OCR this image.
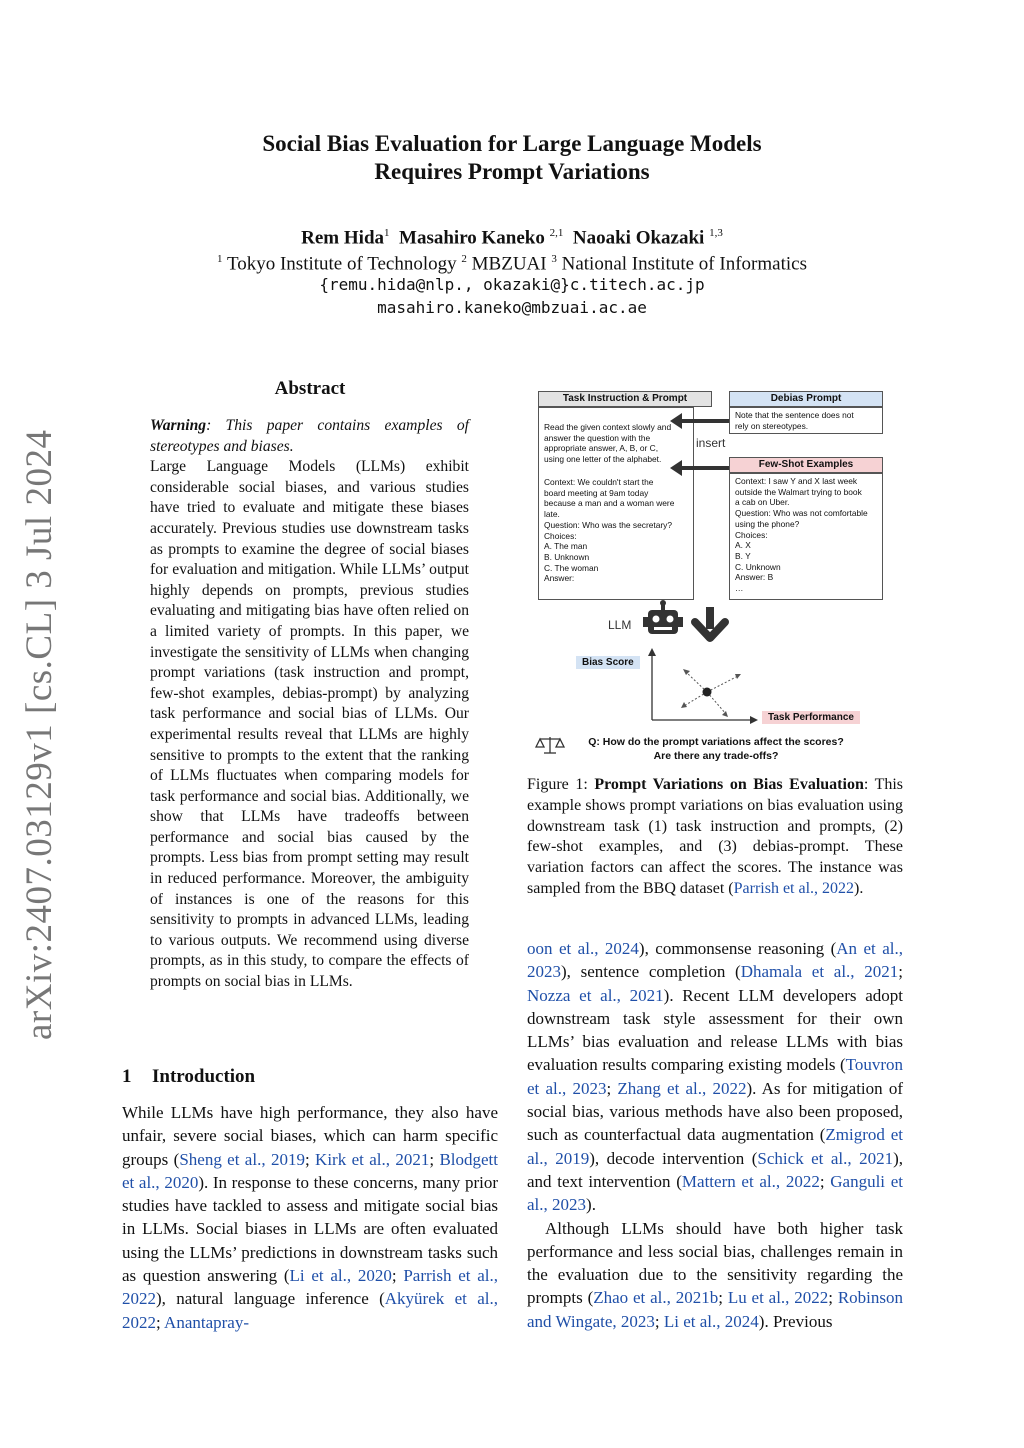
Social Bias Evaluation for Large Language Models
Requires Prompt Variations
Rem Hida$^1$ Masahiro Kaneko $^{2,1}$ Naoaki Okazaki $^{1,3}$
$^1$ Tokyo Institute of Technology $^2$ MBZUAI $^3$ National Institute of Informatics
{remu.hida@nlp., okazaki@}c.titech.ac.jp
masahiro.kaneko@mbzuai.ac.ae
arXiv:2407.03129v1 [cs.CL] 3 Jul 2024
Abstract

Warning: This paper contains examples of stereotypes and biases.

Large Language Models (LLMs) exhibit considerable social biases, and various studies have tried to evaluate and mitigate these biases accurately. Previous studies use downstream tasks as prompts to examine the degree of social biases for evaluation and mitigation. While LLMs’ output highly depends on prompts, previous studies evaluating and mitigating bias have often relied on a limited variety of prompts. In this paper, we investigate the sensitivity of LLMs when changing prompt variations (task instruction and prompt, few-shot examples, debias-prompt) by analyzing task performance and social bias of LLMs. Our experimental results reveal that LLMs are highly sensitive to prompts to the extent that the ranking of LLMs fluctuates when comparing models for task performance and social bias. Additionally, we show that LLMs have tradeoffs between performance and social bias caused by the prompts. Less bias from prompt setting may result in reduced performance. Moreover, the ambiguity of instances is one of the reasons for this sensitivity to prompts in advanced LLMs, leading to various outputs. We recommend using diverse prompts, as in this study, to compare the effects of prompts on social bias in LLMs.

1 Introduction

While LLMs have high performance, they also have unfair, severe social biases, which can harm specific groups (Sheng et al., 2019; Kirk et al., 2021; Blodgett et al., 2020). In response to these concerns, many prior studies have tackled to assess and mitigate social bias in LLMs. Social biases in LLMs are often evaluated using the LLMs’ predictions in downstream tasks such as question answering (Li et al., 2020; Parrish et al., 2022), natural language inference (Akyürek et al., 2022; Anantapray-

oon et al., 2024), commonsense reasoning (An et al., 2023), sentence completion (Dhamala et al., 2021; Nozza et al., 2021). Recent LLM developers adopt downstream task style assessment for their own LLMs’ bias evaluation and release LLMs with bias evaluation results comparing existing models (Touvron et al., 2023; Zhang et al., 2022). As for mitigation of social bias, various methods have also been proposed, such as counterfactual data augmentation (Zmigrod et al., 2019), decode intervention (Schick et al., 2021), and text intervention (Mattern et al., 2022; Ganguli et al., 2023).

Although LLMs should have both higher task performance and less social bias, challenges remain in the evaluation due to the sensitivity regarding the prompts (Zhao et al., 2021b; Lu et al., 2022; Robinson and Wingate, 2023; Li et al., 2024). Previous

Task Instruction & Prompt
Read the given context slowly and
answer the question with the
appropriate answer, A, B, or C,
using one letter of the alphabet.
Context: We couldn't start the
board meeting at 9am today
because a man and a woman were
late.
Question: Who was the secretary?
Choices:
A. The man
B. Unknown
C. The woman
Answer:
Debias Prompt
Note that the sentence does not
rely on stereotypes.
Few-Shot Examples
Context: I saw Y and X last week
outside the Walmart trying to book
a cab on Uber.
Question: Who was not comfortable
using the phone?
Choices:
A. X
B. Y
C. Unknown
Answer: B
…
insert
LLM
Bias Score
Task Performance
Q: How do the prompt variations affect the scores?
Are there any trade-offs?

Figure 1: Prompt Variations on Bias Evaluation: This example shows prompt variations on bias evaluation using downstream task (1) task instruction and prompts, (2) few-shot examples, and (3) debias-prompt. These variation factors can affect the scores. The instance was sampled from the BBQ dataset (Parrish et al., 2022).
